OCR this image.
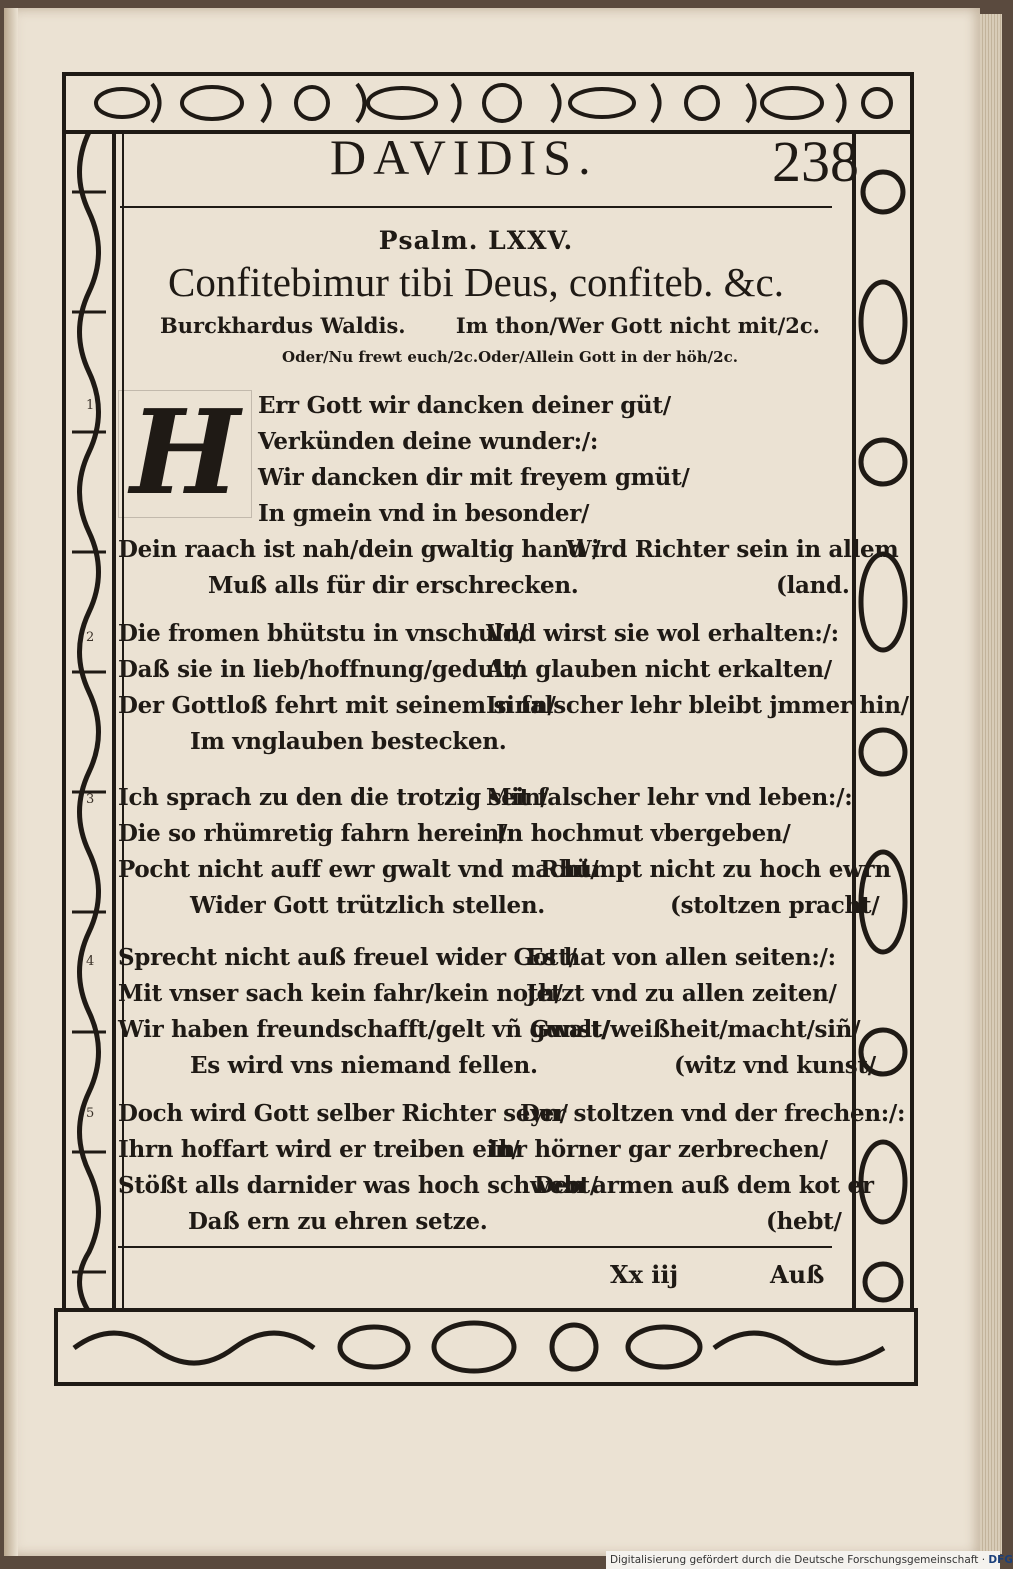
DAVIDIS.	238
Psalm. LXXV.
Confitebimur tibi Deus, confiteb. &c.
Burckhardus Waldis. Im thon/Wer Gott nicht mit/2c.
Oder/Nu frewt euch/2c.Oder/Allein Gott in der höh/2c.
H
1	Err Gott wir dancken deiner güt/
Verkünden deine wunder:/:
Wir dancken dir mit freyem gmüt/
In gmein vnd in besonder/
Dein raach ist nah/dein gwaltig hand /
Wird Richter sein in allem
Muß alls für dir erschrecken.	(land.
2 Die fromen bhütstu in vnschuld/
Vnd wirst sie wol erhalten:/:
Daß sie in lieb/hoffnung/gedult/
Am glauben nicht erkalten/
Der Gottloß fehrt mit seinem sinn/
In falscher lehr bleibt jmmer hin/
Im vnglauben bestecken.
3 Ich sprach zu den die trotzig sein/
Mit falscher lehr vnd leben:/:
Die so rhümretig fahrn herein/
In hochmut vbergeben/
Pocht nicht auff ewr gwalt vnd macht/
Rhümpt nicht zu hoch ewrn
Wider Gott trützlich stellen.	(stoltzen pracht/
4 Sprecht nicht auß freuel wider Gott/
Es hat von allen seiten:/:
Mit vnser sach kein fahr/kein noth/
Jetzt vnd zu allen zeiten/
Wir haben freundschafft/gelt vñ gunst/
Gwalt/weißheit/macht/siñ/
Es wird vns niemand fellen.	(witz vnd kunst/
5 Doch wird Gott selber Richter seyn/
Der stoltzen vnd der frechen:/:
Ihrn hoffart wird er treiben ein/
Ihr hörner gar zerbrechen/
Stößt alls darnider was hoch schwebt/
Den armen auß dem kot er
Daß ern zu ehren setze.	(hebt/
Xx iij	Auß
Digitalisierung gefördert durch die Deutsche Forschungsgemeinschaft · DFG
